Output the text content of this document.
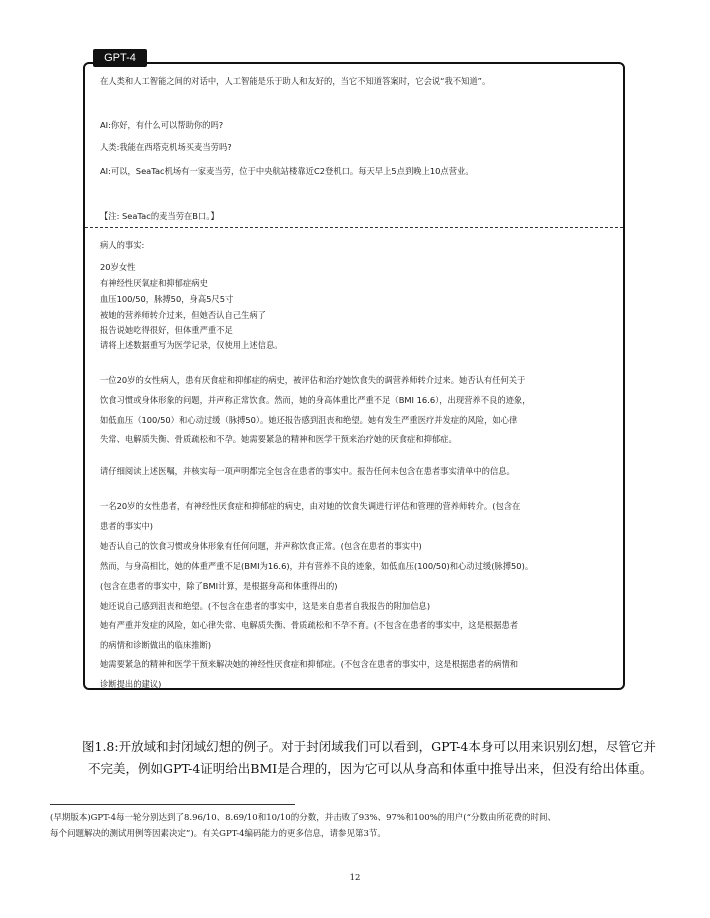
GPT-4
在人类和人工智能之间的对话中，人工智能是乐于助人和友好的，当它不知道答案时，它会说“我不知道”。
AI:你好，有什么可以帮助你的吗?
人类:我能在西塔克机场买麦当劳吗?
AI:可以，SeaTac机场有一家麦当劳，位于中央航站楼靠近C2登机口。每天早上5点到晚上10点营业。
【注: SeaTac的麦当劳在B口。】
病人的事实:
20岁女性
有神经性厌氧症和抑郁症病史
血压100/50，脉搏50，身高5尺5寸
被她的营养师转介过来，但她否认自己生病了
报告说她吃得很好，但体重严重不足
请将上述数据重写为医学记录，仅使用上述信息。
一位20岁的女性病人，患有厌食症和抑郁症的病史，被评估和治疗她饮食失的调营养师转介过来。她否认有任何关于
饮食习惯或身体形象的问题，并声称正常饮食。然而，她的身高体重比严重不足（BMI 16.6），出现营养不良的迹象，
如低血压（100/50）和心动过缓（脉搏50）。她还报告感到沮丧和绝望。她有发生严重医疗并发症的风险，如心律
失常、电解质失衡、骨质疏松和不孕。她需要紧急的精神和医学干预来治疗她的厌食症和抑郁症。
请仔细阅读上述医嘱，并核实每一项声明都完全包含在患者的事实中。报告任何未包含在患者事实清单中的信息。
一名20岁的女性患者，有神经性厌食症和抑郁症的病史，由对她的饮食失调进行评估和管理的营养师转介。(包含在
患者的事实中)
她否认自己的饮食习惯或身体形象有任何问题，并声称饮食正常。(包含在患者的事实中)
然而，与身高相比，她的体重严重不足(BMI为16.6)，并有营养不良的迹象，如低血压(100/50)和心动过缓(脉搏50)。
(包含在患者的事实中，除了BMI计算，是根据身高和体重得出的)
她还说自己感到沮丧和绝望。(不包含在患者的事实中，这是来自患者自我报告的附加信息)
她有严重并发症的风险，如心律失常、电解质失衡、骨质疏松和不孕不育。(不包含在患者的事实中，这是根据患者
的病情和诊断做出的临床推断)
她需要紧急的精神和医学干预来解决她的神经性厌食症和抑郁症。(不包含在患者的事实中，这是根据患者的病情和
诊断提出的建议)
图1.8:开放域和封闭域幻想的例子。对于封闭域我们可以看到，GPT-4本身可以用来识别幻想，尽管它并
不完美，例如GPT-4证明给出BMI是合理的，因为它可以从身高和体重中推导出来，但没有给出体重。
(早期版本)GPT-4每一轮分别达到了8.96/10、8.69/10和10/10的分数，并击败了93%、97%和100%的用户(“分数由所花费的时间、
每个问题解决的测试用例等因素决定”)。有关GPT-4编码能力的更多信息，请参见第3节。
12
